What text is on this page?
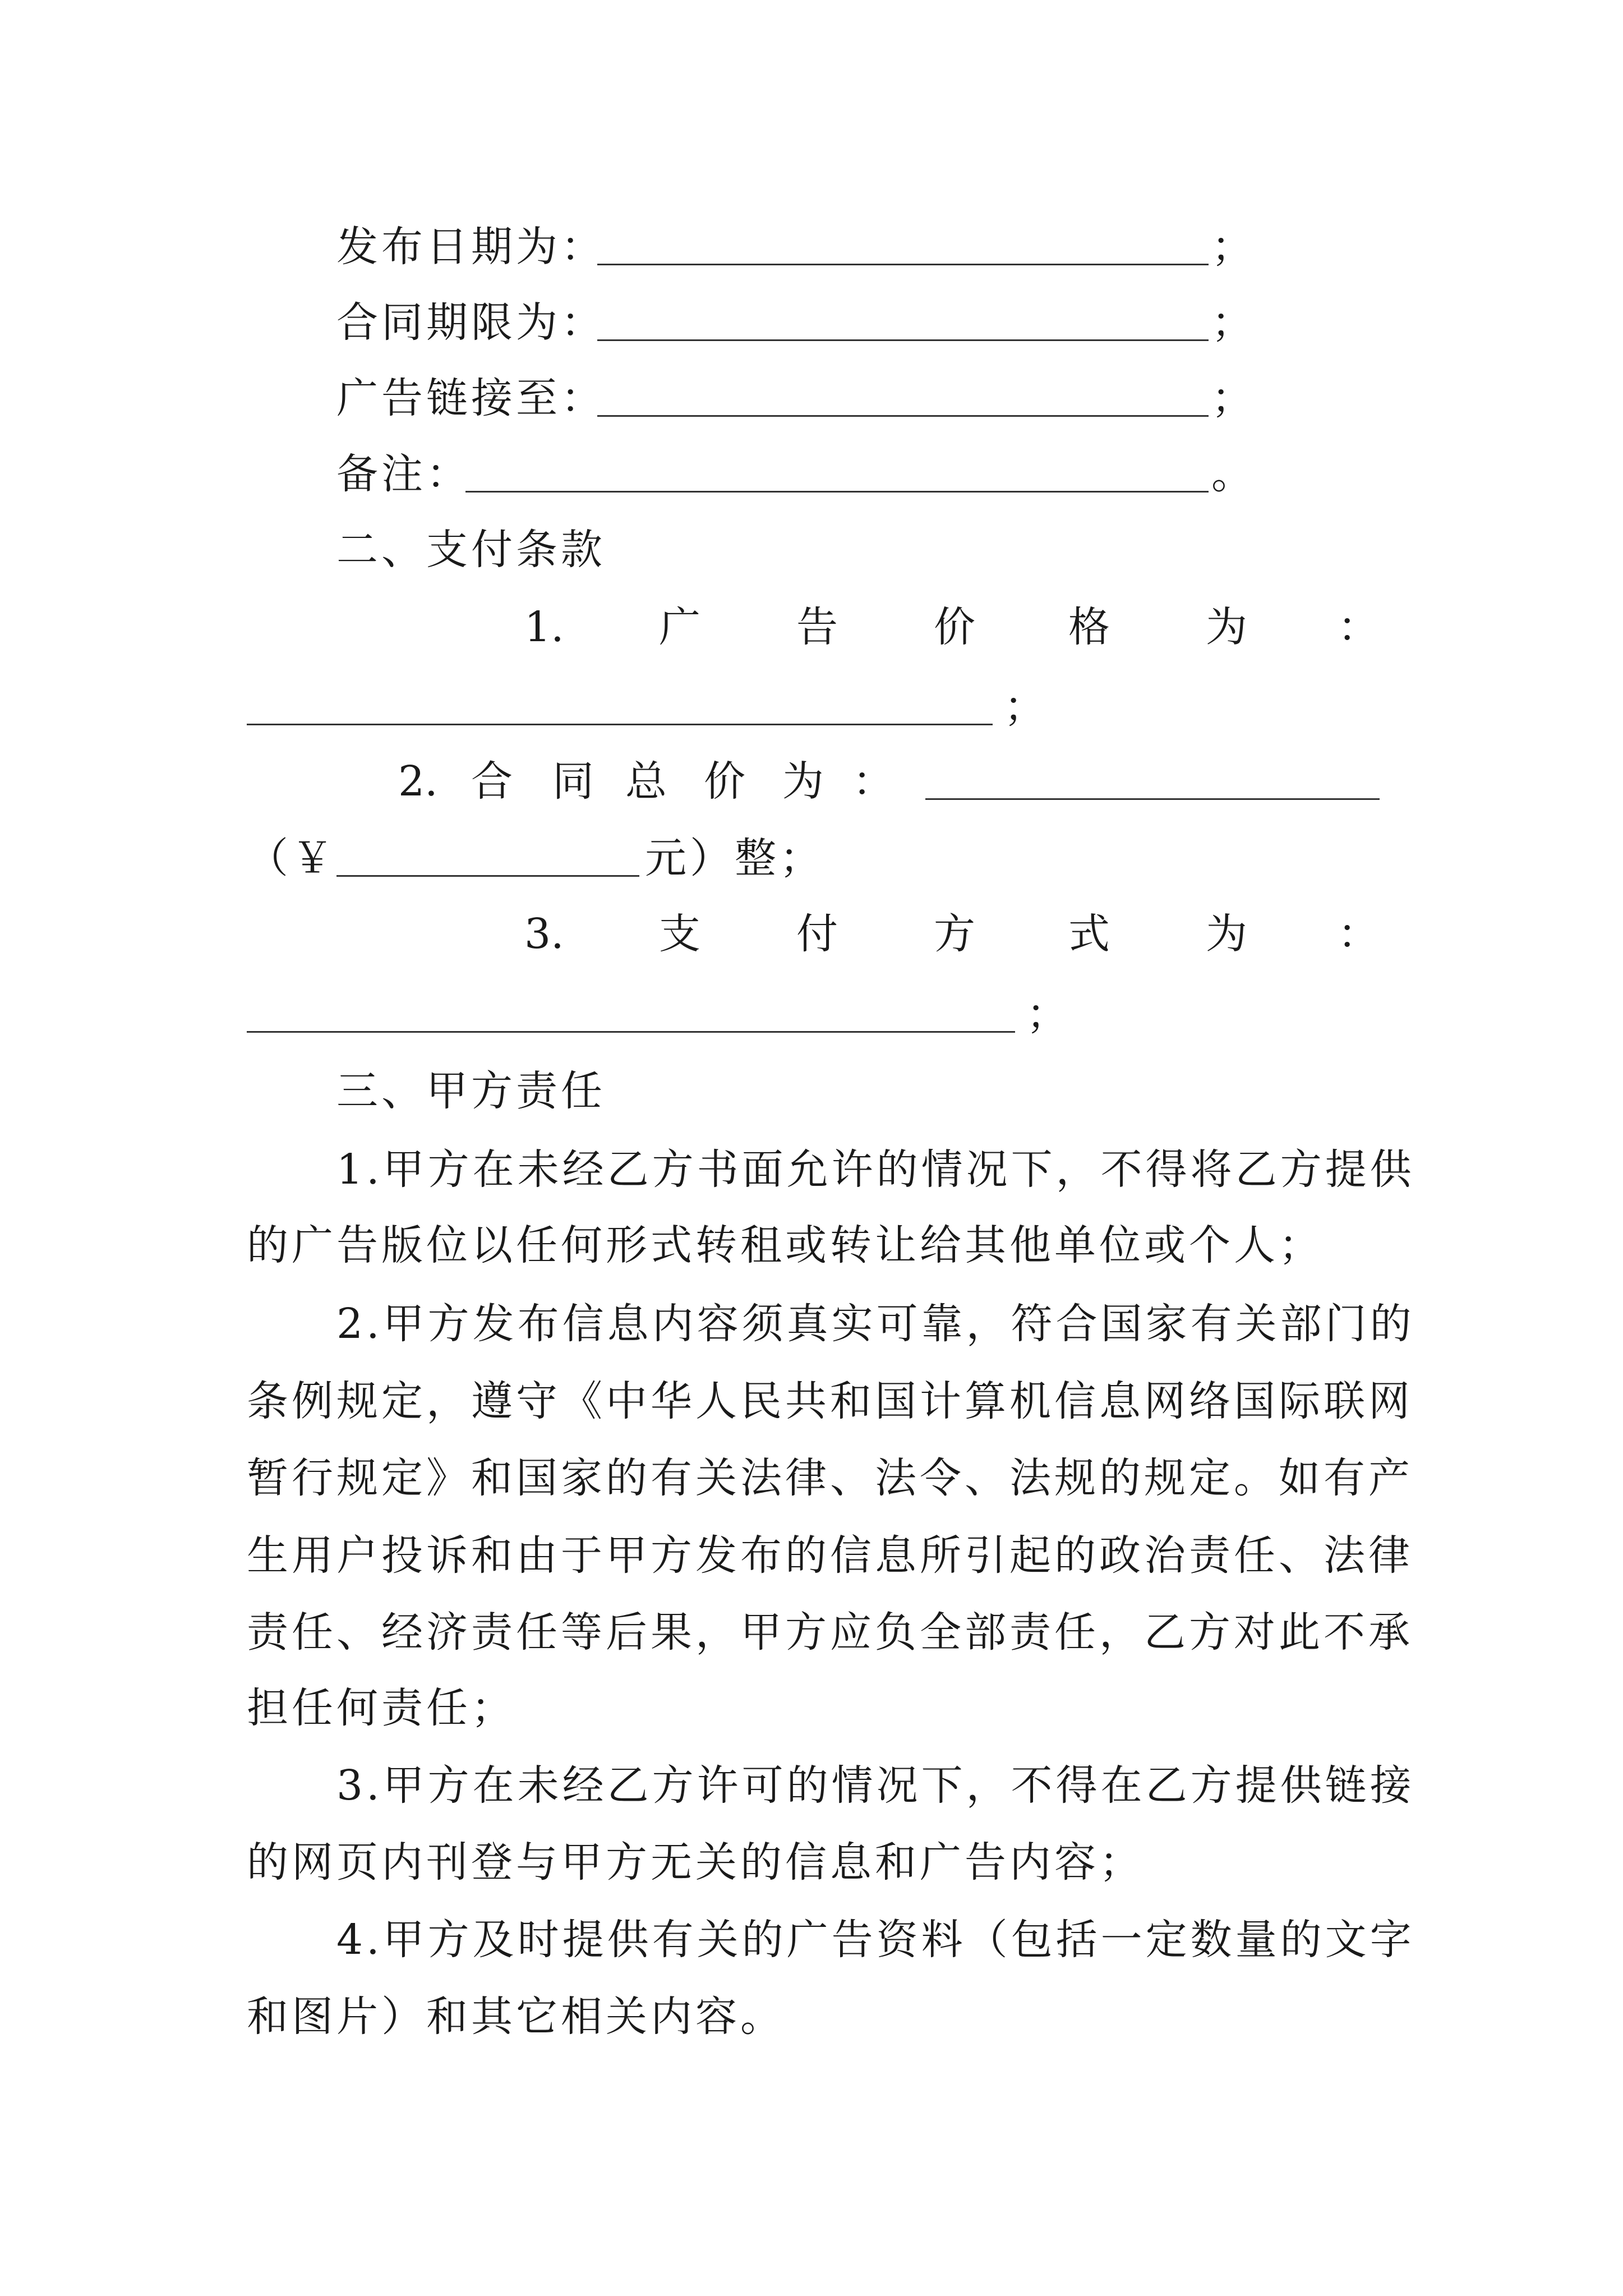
发布日期为：	；
合同期限为：	；
广告链接至：	；
备注：	。
二、支付条款
1. 广 告 价 格 为 ：
；
2. 合 同 总 价 为 ：
（￥	元）整；
3. 支 付 方 式 为 ：
；
三、甲方责任
1.甲方在未经乙方书面允许的情况下，不得将乙方提供
的广告版位以任何形式转租或转让给其他单位或个人；
2.甲方发布信息内容须真实可靠，符合国家有关部门的
条例规定，遵守《中华人民共和国计算机信息网络国际联网
暂行规定》和国家的有关法律、法令、法规的规定。如有产
生用户投诉和由于甲方发布的信息所引起的政治责任、法律
责任、经济责任等后果，甲方应负全部责任，乙方对此不承
担任何责任；
3.甲方在未经乙方许可的情况下，不得在乙方提供链接
的网页内刊登与甲方无关的信息和广告内容；
4.甲方及时提供有关的广告资料（包括一定数量的文字
和图片）和其它相关内容。
